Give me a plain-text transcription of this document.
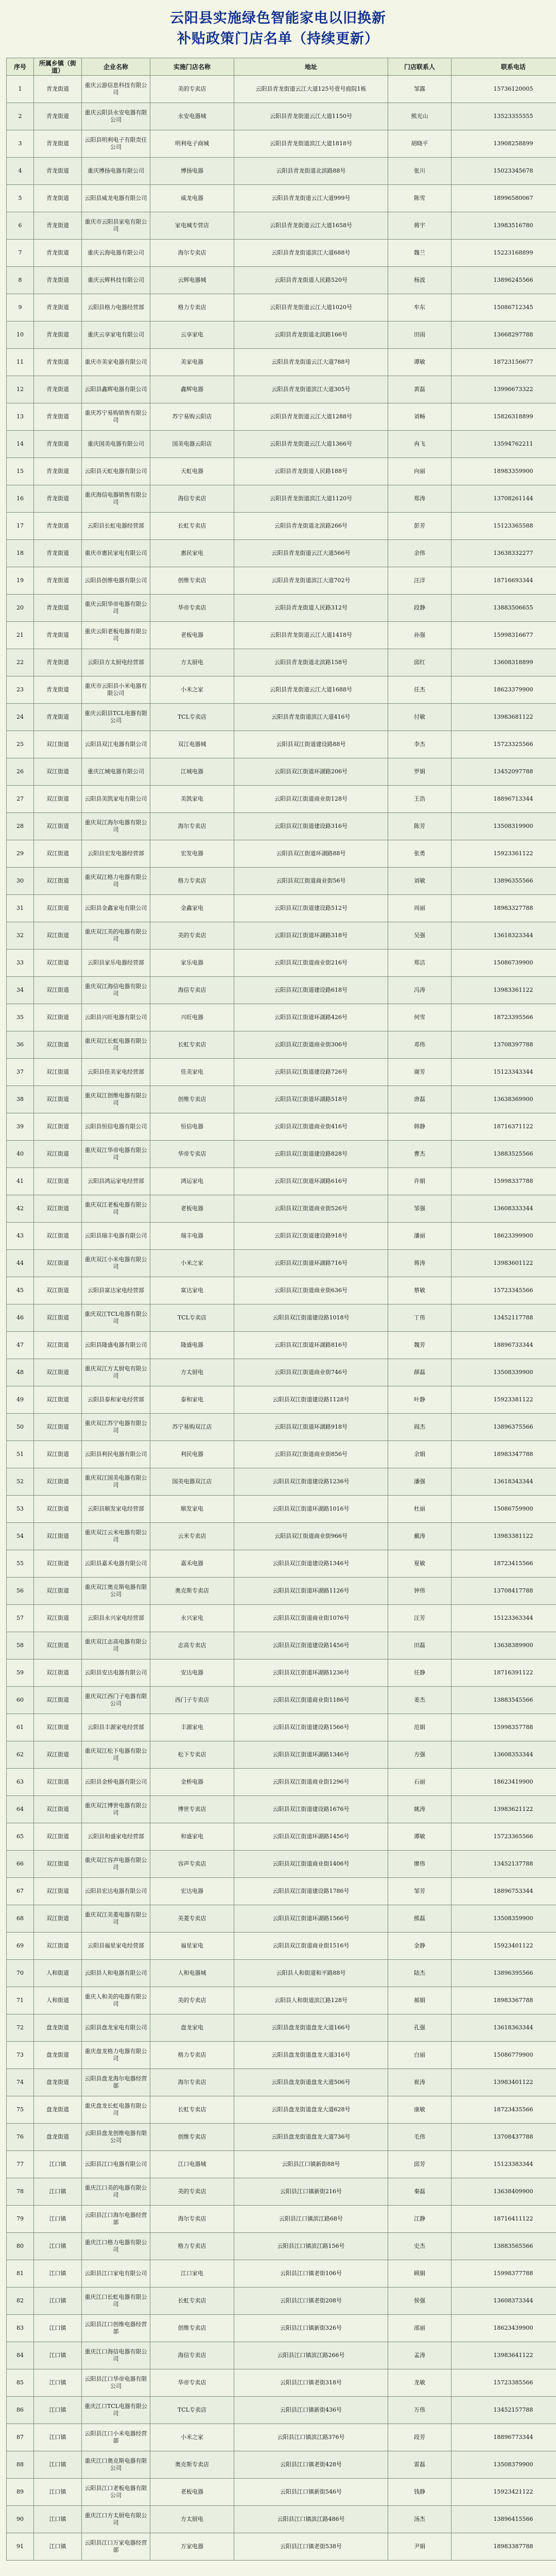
云阳县实施绿色智能家电以旧换新
补贴政策门店名单（持续更新）
序号	所属乡镇（街道）	企业名称	实施门店名称	地址	门店联系人	联系电话
1	青龙街道	重庆云游信息科技有限公司	美的专卖店	云阳县青龙街道云江大道125号壹号庭院1栋	邹露	15736120005
2	青龙街道	重庆云阳县永安电器有限公司	永安电器城	云阳县青龙街道云江大道1150号	熊光山	13523355555
3	青龙街道	云阳县明利电子有限责任公司	明利电子商城	云阳县青龙街道滨江大道1818号	胡晓平	13908258899
4	青龙街道	重庆博扬电器有限公司	博扬电器	云阳县青龙街道北滨路88号	张川	15023345678
5	青龙街道	云阳县威龙电器有限公司	威龙电器	云阳县青龙街道云江大道999号	陈雪	18996580067
6	青龙街道	重庆市云阳县家电有限公司	家电城专营店	云阳县青龙街道云江大道1658号	蒋宇	13983516780
7	青龙街道	重庆云海电器有限公司	海尔专卖店	云阳县青龙街道滨江大道688号	魏兰	15223168899
8	青龙街道	重庆云辉科技有限公司	云辉电器城	云阳县青龙街道人民路520号	杨波	13896245566
9	青龙街道	云阳县格力电器经营部	格力专卖店	云阳县青龙街道云江大道1020号	牟东	15086712345
10	青龙街道	重庆云享家电有限公司	云享家电	云阳县青龙街道北滨路166号	田雨	13668297788
11	青龙街道	重庆市美家电器有限公司	美家电器	云阳县青龙街道云江大道788号	谭敏	18723156677
12	青龙街道	云阳县鑫辉电器有限公司	鑫辉电器	云阳县青龙街道滨江大道305号	黄磊	13996673322
13	青龙街道	重庆苏宁易购销售有限公司	苏宁易购云阳店	云阳县青龙街道云江大道1288号	刘畅	15826318899
14	青龙街道	重庆国美电器有限公司	国美电器云阳店	云阳县青龙街道云江大道1366号	冉飞	13594762211
15	青龙街道	云阳县天虹电器有限公司	天虹电器	云阳县青龙街道人民路188号	向丽	18983359900
16	青龙街道	重庆海信电器销售有限公司	海信专卖店	云阳县青龙街道滨江大道1120号	郑涛	13708261144
17	青龙街道	云阳县长虹电器经营部	长虹专卖店	云阳县青龙街道北滨路266号	彭芳	15123365588
18	青龙街道	重庆市惠民家电有限公司	惠民家电	云阳县青龙街道云江大道566号	余伟	13638332277
19	青龙街道	云阳县创维电器有限公司	创维专卖店	云阳县青龙街道滨江大道702号	汪洋	18716693344
20	青龙街道	重庆云阳华帝电器有限公司	华帝专卖店	云阳县青龙街道人民路312号	段静	13883506655
21	青龙街道	重庆云阳老板电器有限公司	老板电器	云阳县青龙街道云江大道1418号	孙强	15998316677
22	青龙街道	云阳县方太厨电经营部	方太厨电	云阳县青龙街道北滨路158号	邱红	13608318899
23	青龙街道	重庆市云阳县小米电器有限公司	小米之家	云阳县青龙街道云江大道1688号	任杰	18623379900
24	青龙街道	重庆云阳县TCL电器有限公司	TCL专卖店	云阳县青龙街道滨江大道416号	付敏	13983681122
25	双江街道	云阳县双江电器有限公司	双江电器城	云阳县双江街道建设路88号	李杰	15723325566
26	双江街道	重庆江城电器有限公司	江城电器	云阳县双江街道环湖路206号	罗娟	13452097788
27	双江街道	云阳县美凯家电有限公司	美凯家电	云阳县双江街道商业街128号	王浩	18896713344
28	双江街道	重庆双江海尔电器有限公司	海尔专卖店	云阳县双江街道建设路316号	陈芳	13508319900
29	双江街道	云阳县宏发电器经营部	宏发电器	云阳县双江街道环湖路88号	张勇	15923361122
30	双江街道	重庆双江格力电器有限公司	格力专卖店	云阳县双江街道商业街56号	刘敏	13896355566
31	双江街道	云阳县金鑫家电有限公司	金鑫家电	云阳县双江街道建设路512号	周丽	18983327788
32	双江街道	重庆双江美的电器有限公司	美的专卖店	云阳县双江街道环湖路318号	吴强	13618323344
33	双江街道	云阳县家乐电器经营部	家乐电器	云阳县双江街道商业街216号	郑洁	15086739900
34	双江街道	重庆双江海信电器有限公司	海信专卖店	云阳县双江街道建设路618号	冯涛	13983361122
35	双江街道	云阳县兴旺电器有限公司	兴旺电器	云阳县双江街道环湖路426号	何雪	18723395566
36	双江街道	重庆双江长虹电器有限公司	长虹专卖店	云阳县双江街道商业街306号	邓伟	13708397788
37	双江街道	云阳县佳美家电经营部	佳美家电	云阳县双江街道建设路726号	谢芳	15123343344
38	双江街道	重庆双江创维电器有限公司	创维专卖店	云阳县双江街道环湖路518号	唐磊	13638369900
39	双江街道	云阳县恒信电器有限公司	恒信电器	云阳县双江街道商业街416号	韩静	18716371122
40	双江街道	重庆双江华帝电器有限公司	华帝专卖店	云阳县双江街道建设路828号	曹杰	13883525566
41	双江街道	云阳县鸿运家电经营部	鸿运家电	云阳县双江街道环湖路616号	许娟	15998337788
42	双江街道	重庆双江老板电器有限公司	老板电器	云阳县双江街道商业街526号	邹强	13608333344
43	双江街道	云阳县瑞丰电器有限公司	瑞丰电器	云阳县双江街道建设路918号	潘丽	18623399900
44	双江街道	重庆双江小米电器有限公司	小米之家	云阳县双江街道环湖路716号	蒋涛	13983601122
45	双江街道	云阳县富达家电经营部	富达家电	云阳县双江街道商业街636号	蔡敏	15723345566
46	双江街道	重庆双江TCL电器有限公司	TCL专卖店	云阳县双江街道建设路1018号	丁伟	13452117788
47	双江街道	云阳县隆盛电器有限公司	隆盛电器	云阳县双江街道环湖路816号	魏芳	18896733344
48	双江街道	重庆双江方太厨电有限公司	方太厨电	云阳县双江街道商业街746号	薛磊	13508339900
49	双江街道	云阳县泰和家电经营部	泰和家电	云阳县双江街道建设路1128号	叶静	15923381122
50	双江街道	重庆双江苏宁电器有限公司	苏宁易购双江店	云阳县双江街道环湖路918号	阎杰	13896375566
51	双江街道	云阳县利民电器有限公司	利民电器	云阳县双江街道商业街856号	余娟	18983347788
52	双江街道	重庆双江国美电器有限公司	国美电器双江店	云阳县双江街道建设路1236号	潘强	13618343344
53	双江街道	云阳县顺发家电经营部	顺发家电	云阳县双江街道环湖路1016号	杜丽	15086759900
54	双江街道	重庆双江云米电器有限公司	云米专卖店	云阳县双江街道商业街966号	戴涛	13983381122
55	双江街道	云阳县嘉禾电器有限公司	嘉禾电器	云阳县双江街道建设路1346号	夏敏	18723415566
56	双江街道	重庆双江奥克斯电器有限公司	奥克斯专卖店	云阳县双江街道环湖路1126号	钟伟	13708417788
57	双江街道	云阳县永兴家电经营部	永兴家电	云阳县双江街道商业街1076号	汪芳	15123363344
58	双江街道	重庆双江志高电器有限公司	志高专卖店	云阳县双江街道建设路1456号	田磊	13638389900
59	双江街道	云阳县安达电器有限公司	安达电器	云阳县双江街道环湖路1236号	任静	18716391122
60	双江街道	重庆双江西门子电器有限公司	西门子专卖店	云阳县双江街道商业街1186号	姜杰	13883545566
61	双江街道	云阳县丰源家电经营部	丰源家电	云阳县双江街道建设路1566号	范娟	15998357788
62	双江街道	重庆双江松下电器有限公司	松下专卖店	云阳县双江街道环湖路1346号	方强	13608353344
63	双江街道	云阳县金桥电器有限公司	金桥电器	云阳县双江街道商业街1296号	石丽	18623419900
64	双江街道	重庆双江博世电器有限公司	博世专卖店	云阳县双江街道建设路1676号	姚涛	13983621122
65	双江街道	云阳县和盛家电经营部	和盛家电	云阳县双江街道环湖路1456号	谭敏	15723365566
66	双江街道	重庆双江容声电器有限公司	容声专卖店	云阳县双江街道商业街1406号	廖伟	13452137788
67	双江街道	云阳县宏达电器有限公司	宏达电器	云阳县双江街道建设路1786号	邹芳	18896753344
68	双江街道	重庆双江美菱电器有限公司	美菱专卖店	云阳县双江街道环湖路1566号	熊磊	13508359900
69	双江街道	云阳县福星家电经营部	福星家电	云阳县双江街道商业街1516号	金静	15923401122
70	人和街道	云阳县人和电器有限公司	人和电器城	云阳县人和街道和平路88号	陆杰	13896395566
71	人和街道	重庆人和美的电器有限公司	美的专卖店	云阳县人和街道滨江路128号	郝娟	18983367788
72	盘龙街道	云阳县盘龙家电有限公司	盘龙家电	云阳县盘龙街道盘龙大道166号	孔强	13618363344
73	盘龙街道	重庆盘龙格力电器有限公司	格力专卖店	云阳县盘龙街道盘龙大道316号	白丽	15086779900
74	盘龙街道	云阳县盘龙海尔电器经营部	海尔专卖店	云阳县盘龙街道盘龙大道506号	崔涛	13983401122
75	盘龙街道	重庆盘龙长虹电器有限公司	长虹专卖店	云阳县盘龙街道盘龙大道628号	康敏	18723435566
76	盘龙街道	云阳县盘龙创维电器有限公司	创维专卖店	云阳县盘龙街道盘龙大道736号	毛伟	13708437788
77	江口镇	云阳县江口电器有限公司	江口电器城	云阳县江口镇新街88号	邱芳	15123383344
78	江口镇	重庆江口美的电器有限公司	美的专卖店	云阳县江口镇新街216号	秦磊	13638409900
79	江口镇	云阳县江口海尔电器经营部	海尔专卖店	云阳县江口镇滨江路68号	江静	18716411122
80	江口镇	重庆江口格力电器有限公司	格力专卖店	云阳县江口镇滨江路156号	史杰	13883565566
81	江口镇	云阳县江口家电有限公司	江口家电	云阳县江口镇老街106号	顾娟	15998377788
82	江口镇	重庆江口长虹电器有限公司	长虹专卖店	云阳县江口镇老街208号	侯强	13608373344
83	江口镇	云阳县江口创维电器经营部	创维专卖店	云阳县江口镇新街326号	邵丽	18623439900
84	江口镇	重庆江口海信电器有限公司	海信专卖店	云阳县江口镇滨江路266号	孟涛	13983641122
85	江口镇	云阳县江口华帝电器有限公司	华帝专卖店	云阳县江口镇老街318号	龙敏	15723385566
86	江口镇	重庆江口TCL电器有限公司	TCL专卖店	云阳县江口镇新街436号	万伟	13452157788
87	江口镇	云阳县江口小米电器经营部	小米之家	云阳县江口镇滨江路376号	段芳	18896773344
88	江口镇	重庆江口奥克斯电器有限公司	奥克斯专卖店	云阳县江口镇老街428号	雷磊	13508379900
89	江口镇	云阳县江口老板电器有限公司	老板电器	云阳县江口镇新街546号	钱静	15923421122
90	江口镇	重庆江口方太厨电有限公司	方太厨电	云阳县江口镇滨江路486号	汤杰	13896415566
91	江口镇	云阳县江口万家电器经营部	万家电器	云阳县江口镇老街538号	尹娟	18983387788
